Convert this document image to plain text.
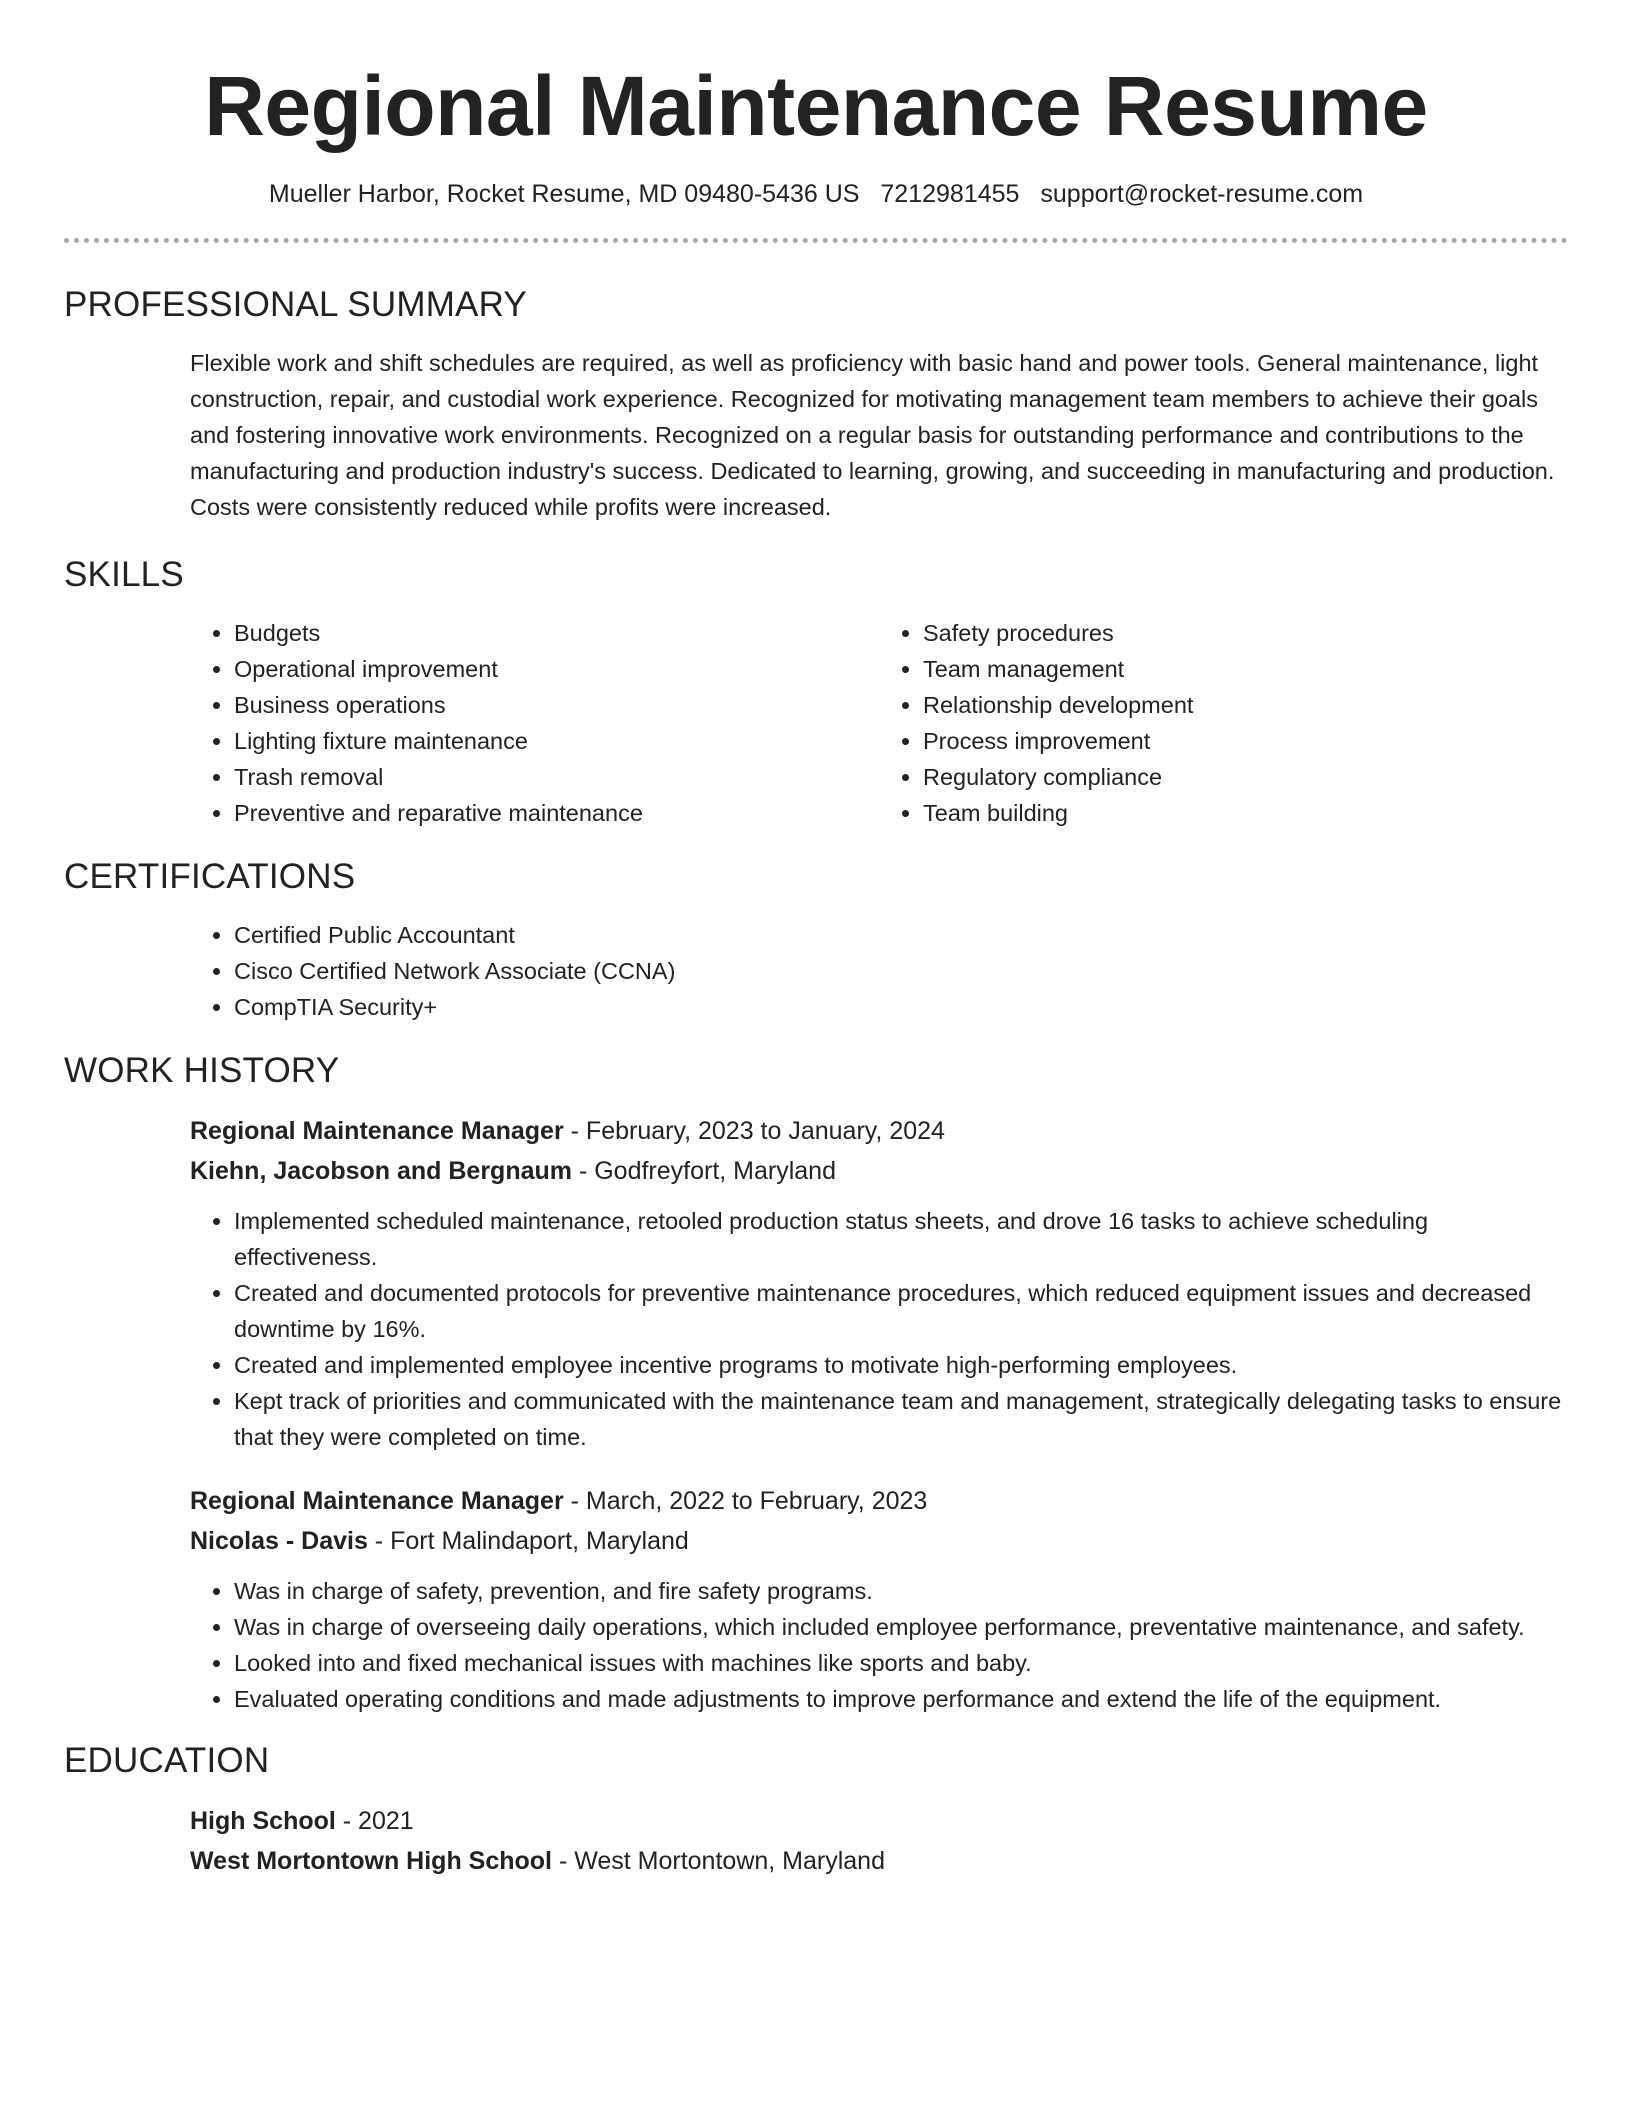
Regional Maintenance Resume
Mueller Harbor, Rocket Resume, MD 09480-5436 US 7212981455 support@rocket-resume.com
PROFESSIONAL SUMMARY
Flexible work and shift schedules are required, as well as proficiency with basic hand and power tools. General maintenance, light construction, repair, and custodial work experience. Recognized for motivating management team members to achieve their goals and fostering innovative work environments. Recognized on a regular basis for outstanding performance and contributions to the manufacturing and production industry's success. Dedicated to learning, growing, and succeeding in manufacturing and production. Costs were consistently reduced while profits were increased.
SKILLS
• Budgets
• Operational improvement
• Business operations
• Lighting fixture maintenance
• Trash removal
• Preventive and reparative maintenance
• Safety procedures
• Team management
• Relationship development
• Process improvement
• Regulatory compliance
• Team building
CERTIFICATIONS
• Certified Public Accountant
• Cisco Certified Network Associate (CCNA)
• CompTIA Security+
WORK HISTORY
Regional Maintenance Manager - February, 2023 to January, 2024
Kiehn, Jacobson and Bergnaum - Godfreyfort, Maryland
• Implemented scheduled maintenance, retooled production status sheets, and drove 16 tasks to achieve scheduling effectiveness.
• Created and documented protocols for preventive maintenance procedures, which reduced equipment issues and decreased downtime by 16%.
• Created and implemented employee incentive programs to motivate high-performing employees.
• Kept track of priorities and communicated with the maintenance team and management, strategically delegating tasks to ensure that they were completed on time.
Regional Maintenance Manager - March, 2022 to February, 2023
Nicolas - Davis - Fort Malindaport, Maryland
• Was in charge of safety, prevention, and fire safety programs.
• Was in charge of overseeing daily operations, which included employee performance, preventative maintenance, and safety.
• Looked into and fixed mechanical issues with machines like sports and baby.
• Evaluated operating conditions and made adjustments to improve performance and extend the life of the equipment.
EDUCATION
High School - 2021
West Mortontown High School - West Mortontown, Maryland
